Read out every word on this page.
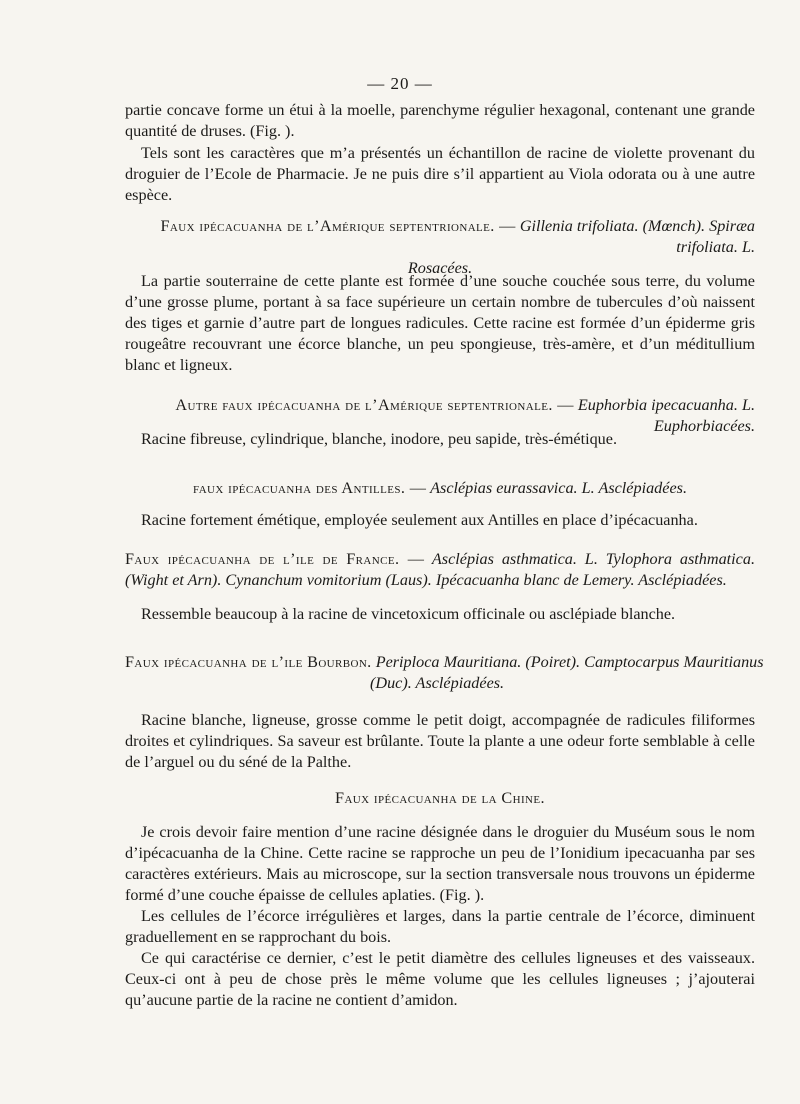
— 20 —

partie concave forme un étui à la moelle, parenchyme régulier hexagonal, contenant une grande quantité de druses. (Fig. ).

Tels sont les caractères que m’a présentés un échantillon de racine de violette provenant du droguier de l’Ecole de Pharmacie. Je ne puis dire s’il appartient au Viola odorata ou à une autre espèce.

Faux ipécacuanha de l’Amérique septentrionale. — Gillenia trifoliata. (Mœnch). Spiræa trifoliata. L.

Rosacées.

La partie souterraine de cette plante est formée d’une souche couchée sous terre, du volume d’une grosse plume, portant à sa face supérieure un certain nombre de tubercules d’où naissent des tiges et garnie d’autre part de longues radicules. Cette racine est formée d’un épiderme gris rougeâtre recouvrant une écorce blanche, un peu spongieuse, très-amère, et d’un méditullium blanc et ligneux.

Autre faux ipécacuanha de l’Amérique septentrionale. — Euphorbia ipecacuanha. L. Euphorbiacées.

Racine fibreuse, cylindrique, blanche, inodore, peu sapide, très-émétique.

faux ipécacuanha des Antilles. — Asclépias eurassavica. L. Asclépiadées.

Racine fortement émétique, employée seulement aux Antilles en place d’ipécacuanha.

Faux ipécacuanha de l’ile de France. — Asclépias asthmatica. L. Tylophora asthmatica. (Wight et Arn). Cynanchum vomitorium (Laus). Ipécacuanha blanc de Lemery. Asclépiadées.

Ressemble beaucoup à la racine de vincetoxicum officinale ou asclépiade blanche.

Faux ipécacuanha de l’ile Bourbon. Periploca Mauritiana. (Poiret). Camptocarpus Mauritianus

(Duc). Asclépiadées.

Racine blanche, ligneuse, grosse comme le petit doigt, accompagnée de radicules filiformes droites et cylindriques. Sa saveur est brûlante. Toute la plante a une odeur forte semblable à celle de l’arguel ou du séné de la Palthe.

Faux ipécacuanha de la Chine.

Je crois devoir faire mention d’une racine désignée dans le droguier du Muséum sous le nom d’ipécacuanha de la Chine. Cette racine se rapproche un peu de l’Ionidium ipecacuanha par ses caractères extérieurs. Mais au microscope, sur la section transversale nous trouvons un épiderme formé d’une couche épaisse de cellules aplaties. (Fig. ).

Les cellules de l’écorce irrégulières et larges, dans la partie centrale de l’écorce, diminuent graduellement en se rapprochant du bois.

Ce qui caractérise ce dernier, c’est le petit diamètre des cellules ligneuses et des vaisseaux. Ceux-ci ont à peu de chose près le même volume que les cellules ligneuses ; j’ajouterai qu’aucune partie de la racine ne contient d’amidon.
